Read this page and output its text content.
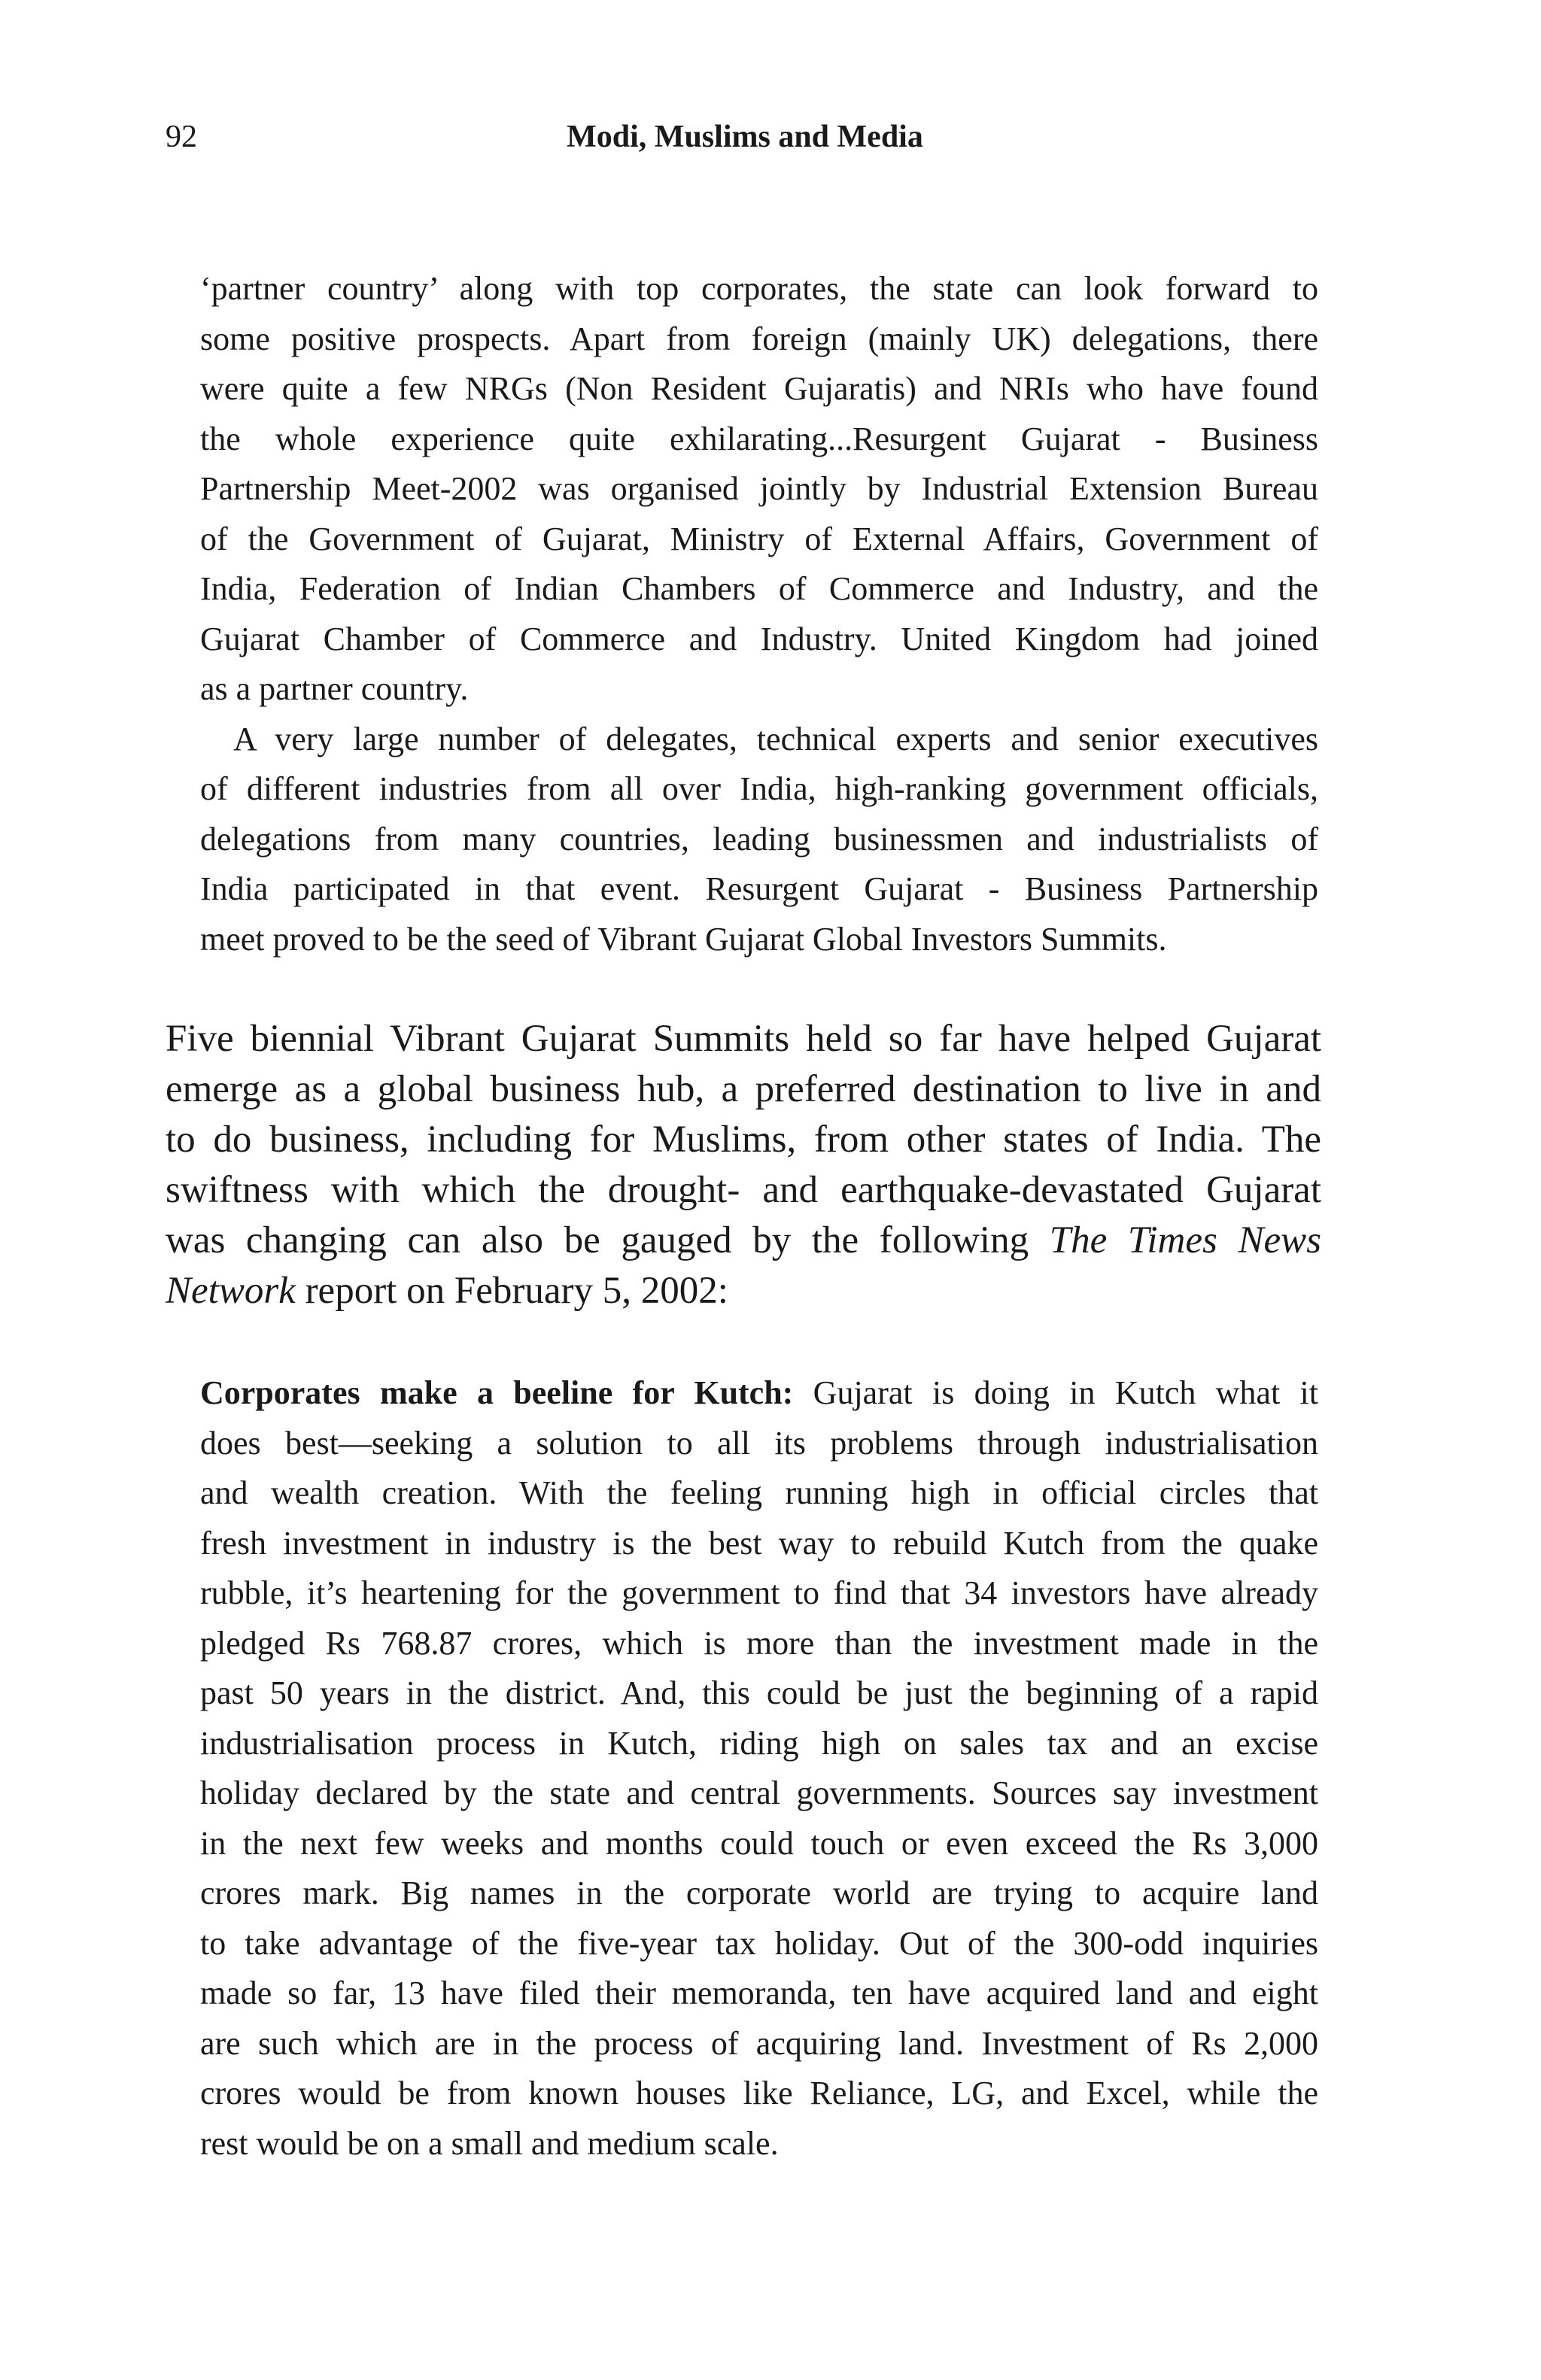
92	Modi, Muslims and Media
‘partner country’ along with top corporates, the state can look forward to
some positive prospects. Apart from foreign (mainly UK) delegations, there
were quite a few NRGs (Non Resident Gujaratis) and NRIs who have found
the whole experience quite exhilarating...Resurgent Gujarat - Business
Partnership Meet-2002 was organised jointly by Industrial Extension Bureau
of the Government of Gujarat, Ministry of External Affairs, Government of
India, Federation of Indian Chambers of Commerce and Industry, and the
Gujarat Chamber of Commerce and Industry. United Kingdom had joined
as a partner country.
A very large number of delegates, technical experts and senior executives
of different industries from all over India, high-ranking government officials,
delegations from many countries, leading businessmen and industrialists of
India participated in that event. Resurgent Gujarat - Business Partnership
meet proved to be the seed of Vibrant Gujarat Global Investors Summits.
Five biennial Vibrant Gujarat Summits held so far have helped Gujarat
emerge as a global business hub, a preferred destination to live in and
to do business, including for Muslims, from other states of India. The
swiftness with which the drought- and earthquake-devastated Gujarat
was changing can also be gauged by the following The Times News
Network report on February 5, 2002:
Corporates make a beeline for Kutch: Gujarat is doing in Kutch what it
does best—seeking a solution to all its problems through industrialisation
and wealth creation. With the feeling running high in official circles that
fresh investment in industry is the best way to rebuild Kutch from the quake
rubble, it’s heartening for the government to find that 34 investors have already
pledged Rs 768.87 crores, which is more than the investment made in the
past 50 years in the district. And, this could be just the beginning of a rapid
industrialisation process in Kutch, riding high on sales tax and an excise
holiday declared by the state and central governments. Sources say investment
in the next few weeks and months could touch or even exceed the Rs 3,000
crores mark. Big names in the corporate world are trying to acquire land
to take advantage of the five-year tax holiday. Out of the 300-odd inquiries
made so far, 13 have filed their memoranda, ten have acquired land and eight
are such which are in the process of acquiring land. Investment of Rs 2,000
crores would be from known houses like Reliance, LG, and Excel, while the
rest would be on a small and medium scale.
